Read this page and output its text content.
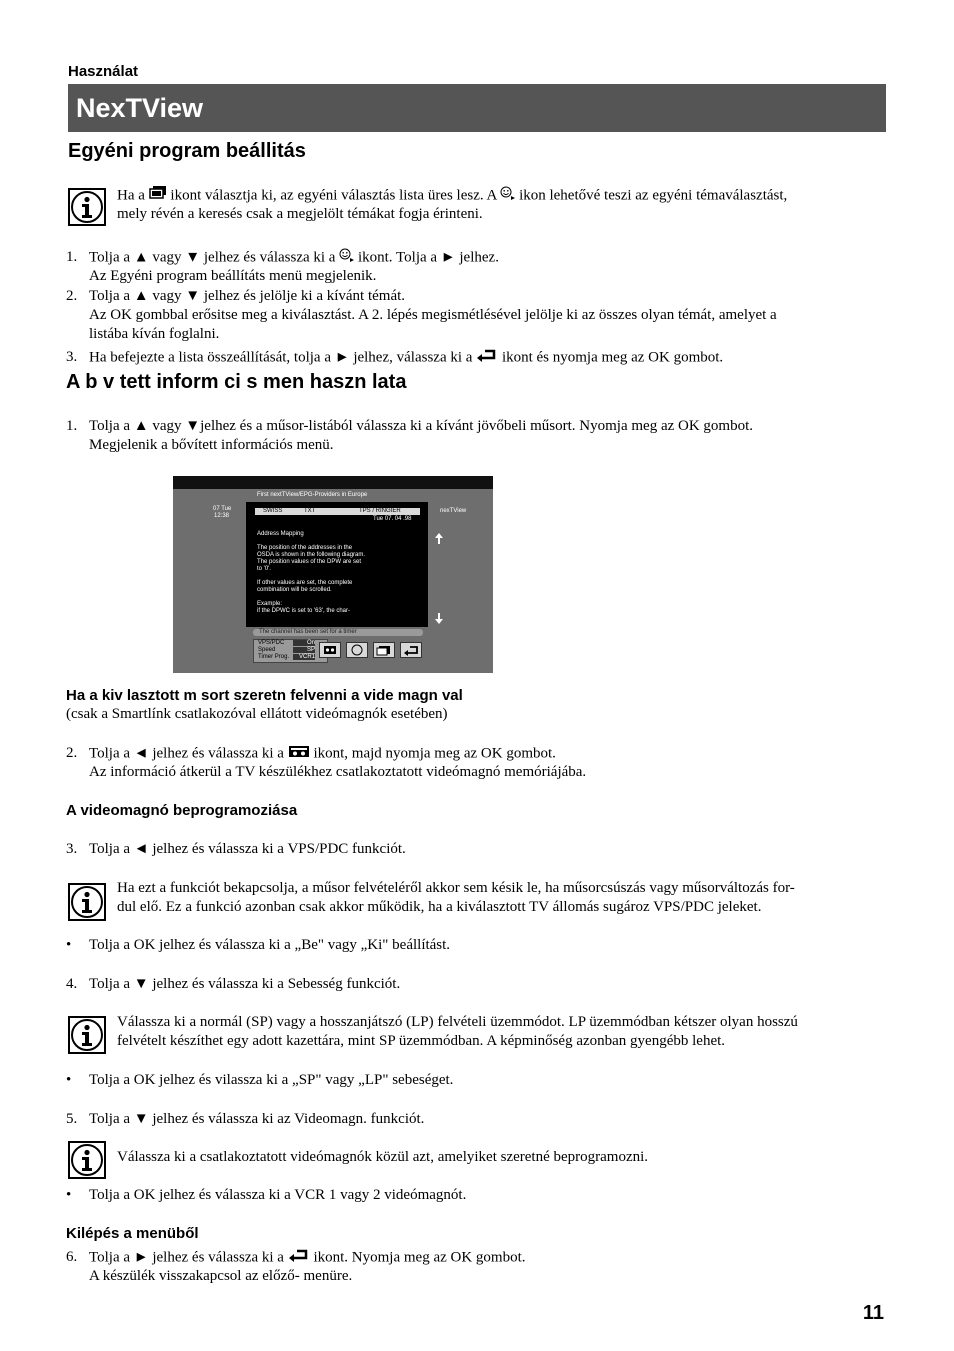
Használat
NexTView
Egyéni program beállitás
Ha a ikont választja ki, az egyéni választás lista üres lesz. A ikon lehetővé teszi az egyéni témaválasztást,
mely révén a keresés csak a megjelölt témákat fogja érinteni.
1. Tolja a ▲ vagy ▼ jelhez és válassza ki a ikont. Tolja a ► jelhez.
Az Egyéni program beállítáts menü megjelenik.
2. Tolja a ▲ vagy ▼ jelhez és jelölje ki a kívánt témát.
Az OK gombbal erősitse meg a kiválasztást. A 2. lépés megismétlésével jelölje ki az összes olyan témát, amelyet a
listába kíván foglalni.
3. Ha befejezte a lista összeállítását, tolja a ► jelhez, válassza ki a ikont és nyomja meg az OK gombot.
A b v tett inform ci s men haszn lata
1. Tolja a ▲ vagy ▼jelhez és a műsor-listából válassza ki a kívánt jövőbeli műsort. Nyomja meg az OK gombot.
Megjelenik a bővített információs menü.
First nextTView/EPG-Providers in Europe
07 Tue
12:38
nexTView
SWISS	TXT	TPS / RINGIER
Tue 07. 04 .98
Address Mapping
The position of the addresses in the
OSDA is shown in the following diagram.
The position values of the DPW are set
to '0'.
If other values are set, the complete
combination will be scrolled.
Example:
if the DPWC is set to '63', the char-
The channel has been set for a timer
VPS/PDC
Speed
Timer Prog.
On
SP
VCR1
Ha a kiv lasztott m sort szeretn felvenni a vide magn val
(csak a Smartlínk csatlakozóval ellátott videómagnók esetében)
2. Tolja a ◄ jelhez és válassza ki a ikont, majd nyomja meg az OK gombot.
Az információ átkerül a TV készülékhez csatlakoztatott videómagnó memóriájába.
A videomagnó beprogramoziása
3. Tolja a ◄ jelhez és válassza ki a VPS/PDC funkciót.
Ha ezt a funkciót bekapcsolja, a műsor felvételéről akkor sem késik le, ha műsorcsúszás vagy műsorváltozás for-
dul elő. Ez a funkció azonban csak akkor működik, ha a kiválasztott TV állomás sugároz VPS/PDC jeleket.
• Tolja a OK jelhez és válassza ki a „Be" vagy „Ki" beállítást.
4. Tolja a ▼ jelhez és válassza ki a Sebesség funkciót.
Válassza ki a normál (SP) vagy a hosszanjátszó (LP) felvételi üzemmódot. LP üzemmódban kétszer olyan hosszú
felvételt készíthet egy adott kazettára, mint SP üzemmódban. A képminőség azonban gyengébb lehet.
• Tolja a OK jelhez és vilassza ki a „SP" vagy „LP" sebeséget.
5. Tolja a ▼ jelhez és válassza ki az Videomagn. funkciót.
Válassza ki a csatlakoztatott videómagnók közül azt, amelyiket szeretné beprogramozni.
• Tolja a OK jelhez és válassza ki a VCR 1 vagy 2 videómagnót.
Kilépés a menüből
6. Tolja a ► jelhez és válassza ki a ikont. Nyomja meg az OK gombot.
A készülék visszakapcsol az előző- menüre.
11
